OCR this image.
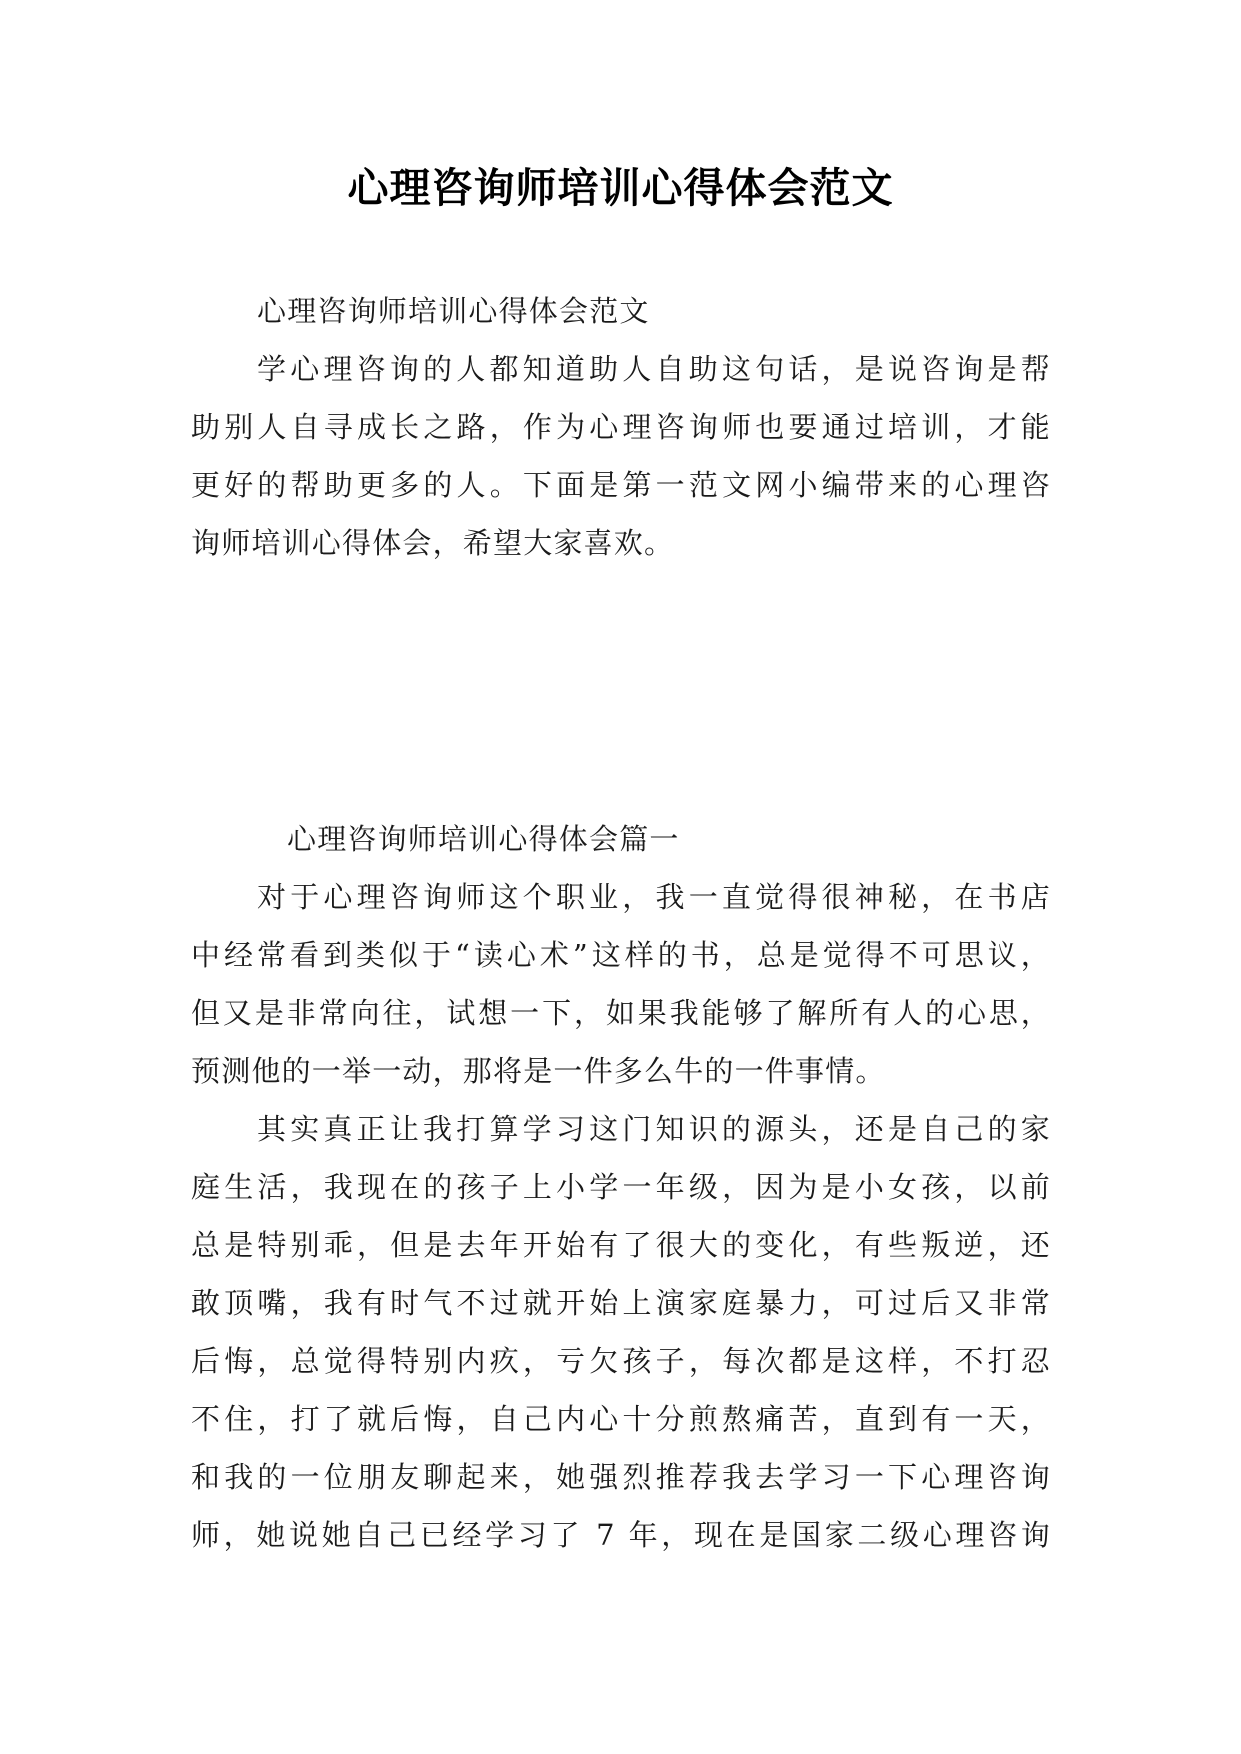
心理咨询师培训心得体会范文
心理咨询师培训心得体会范文
学心理咨询的人都知道助人自助这句话，是说咨询是帮
助别人自寻成长之路，作为心理咨询师也要通过培训，才能
更好的帮助更多的人。下面是第一范文网小编带来的心理咨
询师培训心得体会，希望大家喜欢。
心理咨询师培训心得体会篇一
对于心理咨询师这个职业，我一直觉得很神秘，在书店
中经常看到类似于“读心术”这样的书，总是觉得不可思议，
但又是非常向往，试想一下，如果我能够了解所有人的心思，
预测他的一举一动，那将是一件多么牛的一件事情。
其实真正让我打算学习这门知识的源头，还是自己的家
庭生活，我现在的孩子上小学一年级，因为是小女孩，以前
总是特别乖，但是去年开始有了很大的变化，有些叛逆，还
敢顶嘴，我有时气不过就开始上演家庭暴力，可过后又非常
后悔，总觉得特别内疚，亏欠孩子，每次都是这样，不打忍
不住，打了就后悔，自己内心十分煎熬痛苦，直到有一天，
和我的一位朋友聊起来，她强烈推荐我去学习一下心理咨询
师，她说她自己已经学习了 7 年，现在是国家二级心理咨询
